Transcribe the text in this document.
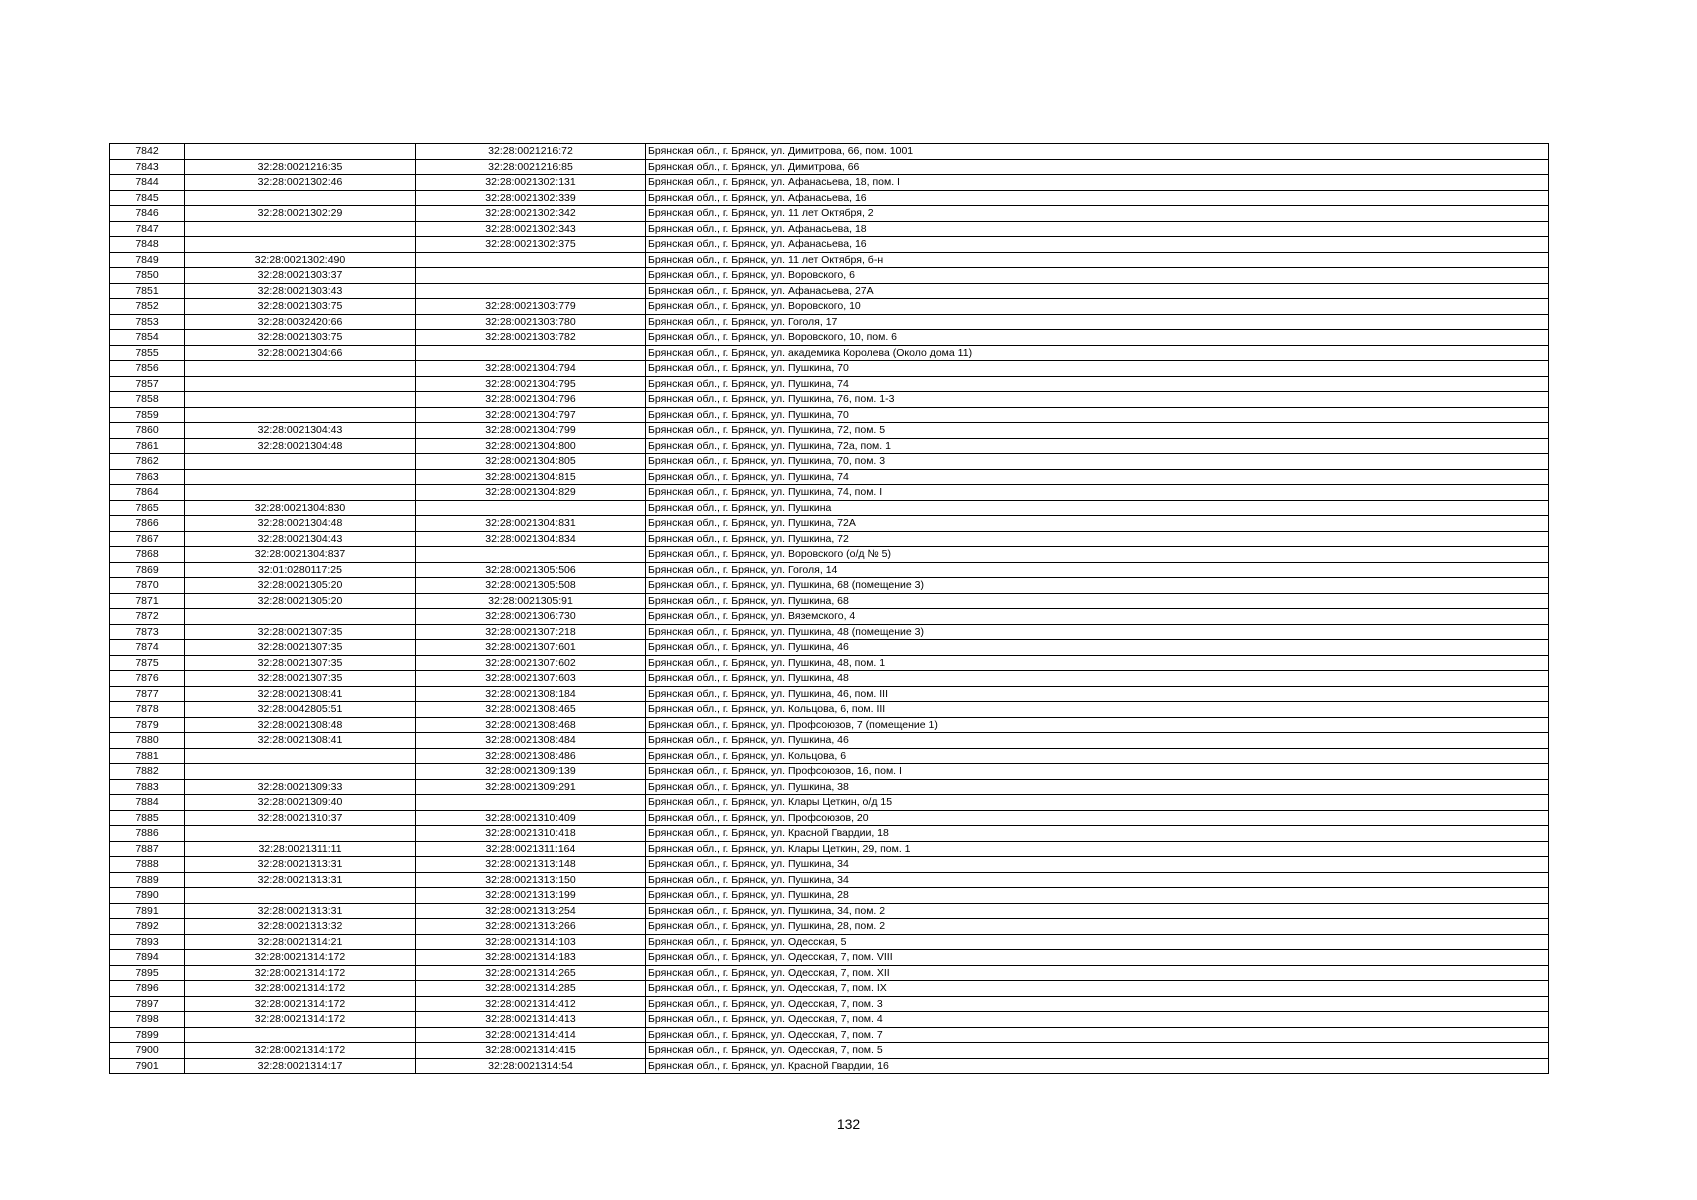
7842		32:28:0021216:72	Брянская обл., г. Брянск, ул. Димитрова, 66, пом. 1001
7843	32:28:0021216:35	32:28:0021216:85	Брянская обл., г. Брянск, ул. Димитрова, 66
7844	32:28:0021302:46	32:28:0021302:131	Брянская обл., г. Брянск, ул. Афанасьева, 18, пом. I
7845		32:28:0021302:339	Брянская обл., г. Брянск, ул. Афанасьева, 16
7846	32:28:0021302:29	32:28:0021302:342	Брянская обл., г. Брянск, ул. 11 лет Октября, 2
7847		32:28:0021302:343	Брянская обл., г. Брянск, ул. Афанасьева, 18
7848		32:28:0021302:375	Брянская обл., г. Брянск, ул. Афанасьева, 16
7849	32:28:0021302:490		Брянская обл., г. Брянск, ул. 11 лет Октября, б-н
7850	32:28:0021303:37		Брянская обл., г. Брянск, ул. Воровского, 6
7851	32:28:0021303:43		Брянская обл., г. Брянск, ул. Афанасьева, 27А
7852	32:28:0021303:75	32:28:0021303:779	Брянская обл., г. Брянск, ул. Воровского, 10
7853	32:28:0032420:66	32:28:0021303:780	Брянская обл., г. Брянск, ул. Гоголя, 17
7854	32:28:0021303:75	32:28:0021303:782	Брянская обл., г. Брянск, ул. Воровского, 10, пом. 6
7855	32:28:0021304:66		Брянская обл., г. Брянск, ул. академика Королева (Около дома 11)
7856		32:28:0021304:794	Брянская обл., г. Брянск, ул. Пушкина, 70
7857		32:28:0021304:795	Брянская обл., г. Брянск, ул. Пушкина, 74
7858		32:28:0021304:796	Брянская обл., г. Брянск, ул. Пушкина, 76, пом. 1-3
7859		32:28:0021304:797	Брянская обл., г. Брянск, ул. Пушкина, 70
7860	32:28:0021304:43	32:28:0021304:799	Брянская обл., г. Брянск, ул. Пушкина, 72, пом. 5
7861	32:28:0021304:48	32:28:0021304:800	Брянская обл., г. Брянск, ул. Пушкина, 72а, пом. 1
7862		32:28:0021304:805	Брянская обл., г. Брянск, ул. Пушкина, 70, пом. 3
7863		32:28:0021304:815	Брянская обл., г. Брянск, ул. Пушкина, 74
7864		32:28:0021304:829	Брянская обл., г. Брянск, ул. Пушкина, 74, пом. I
7865	32:28:0021304:830		Брянская обл., г. Брянск, ул. Пушкина
7866	32:28:0021304:48	32:28:0021304:831	Брянская обл., г. Брянск, ул. Пушкина, 72А
7867	32:28:0021304:43	32:28:0021304:834	Брянская обл., г. Брянск, ул. Пушкина, 72
7868	32:28:0021304:837		Брянская обл., г. Брянск, ул. Воровского (о/д № 5)
7869	32:01:0280117:25	32:28:0021305:506	Брянская обл., г. Брянск, ул. Гоголя, 14
7870	32:28:0021305:20	32:28:0021305:508	Брянская обл., г. Брянск, ул. Пушкина, 68 (помещение 3)
7871	32:28:0021305:20	32:28:0021305:91	Брянская обл., г. Брянск, ул. Пушкина, 68
7872		32:28:0021306:730	Брянская обл., г. Брянск, ул. Вяземского, 4
7873	32:28:0021307:35	32:28:0021307:218	Брянская обл., г. Брянск, ул. Пушкина, 48 (помещение 3)
7874	32:28:0021307:35	32:28:0021307:601	Брянская обл., г. Брянск, ул. Пушкина, 46
7875	32:28:0021307:35	32:28:0021307:602	Брянская обл., г. Брянск, ул. Пушкина, 48, пом. 1
7876	32:28:0021307:35	32:28:0021307:603	Брянская обл., г. Брянск, ул. Пушкина, 48
7877	32:28:0021308:41	32:28:0021308:184	Брянская обл., г. Брянск, ул. Пушкина, 46, пом. III
7878	32:28:0042805:51	32:28:0021308:465	Брянская обл., г. Брянск, ул. Кольцова, 6, пом. III
7879	32:28:0021308:48	32:28:0021308:468	Брянская обл., г. Брянск, ул. Профсоюзов, 7 (помещение 1)
7880	32:28:0021308:41	32:28:0021308:484	Брянская обл., г. Брянск, ул. Пушкина, 46
7881		32:28:0021308:486	Брянская обл., г. Брянск, ул. Кольцова, 6
7882		32:28:0021309:139	Брянская обл., г. Брянск, ул. Профсоюзов, 16, пом. I
7883	32:28:0021309:33	32:28:0021309:291	Брянская обл., г. Брянск, ул. Пушкина, 38
7884	32:28:0021309:40		Брянская обл., г. Брянск, ул. Клары Цеткин, о/д 15
7885	32:28:0021310:37	32:28:0021310:409	Брянская обл., г. Брянск, ул. Профсоюзов, 20
7886		32:28:0021310:418	Брянская обл., г. Брянск, ул. Красной Гвардии, 18
7887	32:28:0021311:11	32:28:0021311:164	Брянская обл., г. Брянск, ул. Клары Цеткин, 29, пом. 1
7888	32:28:0021313:31	32:28:0021313:148	Брянская обл., г. Брянск, ул. Пушкина, 34
7889	32:28:0021313:31	32:28:0021313:150	Брянская обл., г. Брянск, ул. Пушкина, 34
7890		32:28:0021313:199	Брянская обл., г. Брянск, ул. Пушкина, 28
7891	32:28:0021313:31	32:28:0021313:254	Брянская обл., г. Брянск, ул. Пушкина, 34, пом. 2
7892	32:28:0021313:32	32:28:0021313:266	Брянская обл., г. Брянск, ул. Пушкина, 28, пом. 2
7893	32:28:0021314:21	32:28:0021314:103	Брянская обл., г. Брянск, ул. Одесская, 5
7894	32:28:0021314:172	32:28:0021314:183	Брянская обл., г. Брянск, ул. Одесская, 7, пом. VIII
7895	32:28:0021314:172	32:28:0021314:265	Брянская обл., г. Брянск, ул. Одесская, 7, пом. XII
7896	32:28:0021314:172	32:28:0021314:285	Брянская обл., г. Брянск, ул. Одесская, 7, пом. IX
7897	32:28:0021314:172	32:28:0021314:412	Брянская обл., г. Брянск, ул. Одесская, 7, пом. 3
7898	32:28:0021314:172	32:28:0021314:413	Брянская обл., г. Брянск, ул. Одесская, 7, пом. 4
7899		32:28:0021314:414	Брянская обл., г. Брянск, ул. Одесская, 7, пом. 7
7900	32:28:0021314:172	32:28:0021314:415	Брянская обл., г. Брянск, ул. Одесская, 7, пом. 5
7901	32:28:0021314:17	32:28:0021314:54	Брянская обл., г. Брянск, ул. Красной Гвардии, 16
132
